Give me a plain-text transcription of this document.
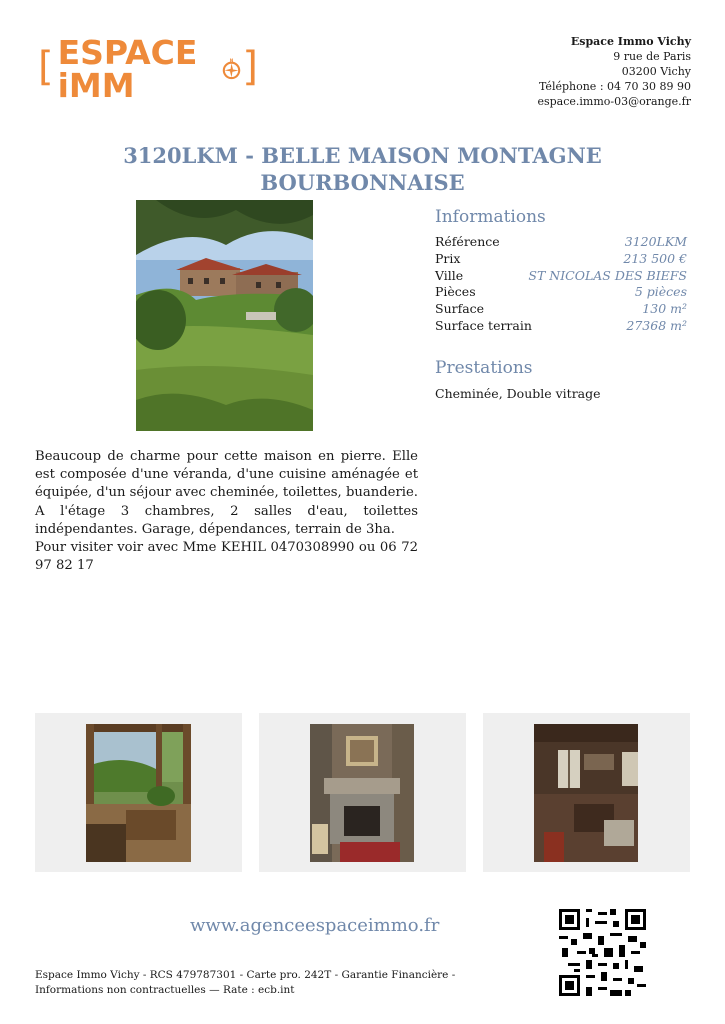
[ ESPACE iMM
N ]
Espace Immo Vichy
9 rue de Paris
03200 Vichy
Téléphone : 04 70 30 89 90
espace.immo-03@orange.fr
3120LKM - BELLE MAISON MONTAGNE
BOURBONNAISE
Informations
Référence	3120LKM
Prix	213 500 €
Ville	ST NICOLAS DES BIEFS
Pièces	5 pièces
Surface	130 m²
Surface terrain	27368 m²
Prestations
Cheminée, Double vitrage

Beaucoup de charme pour cette maison en pierre. Elle est composée d'une véranda, d'une cuisine aménagée et équipée, d'un séjour avec cheminée, toilettes, buanderie. A l'étage 3 chambres, 2 salles d'eau, toilettes indépendantes. Garage, dépendances, terrain de 3ha.

Pour visiter voir avec Mme KEHIL 0470308990 ou 06 72 97 82 17

www.agenceespaceimmo.fr
Espace Immo Vichy - RCS 479787301 - Carte pro. 242T - Garantie Financière - Informations non contractuelles — Rate : ecb.int
